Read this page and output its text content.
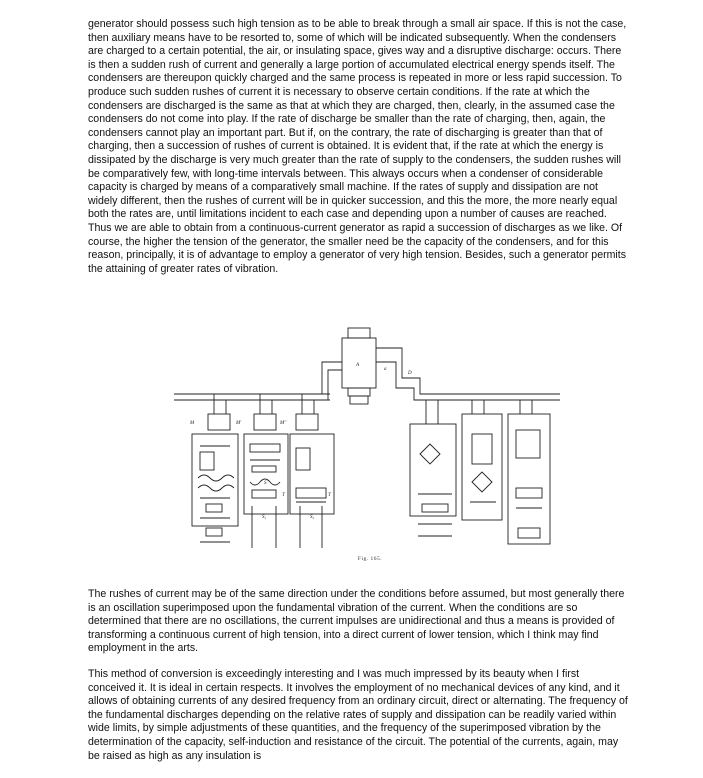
generator should possess such high tension as to be able to break through a small air space. If this is not the case, then auxiliary means have to be resorted to, some of which will be indicated subsequently. When the condensers are charged to a certain potential, the air, or insulating space, gives way and a disruptive discharge: occurs. There is then a sudden rush of current and generally a large portion of accumulated electrical energy spends itself. The condensers are thereupon quickly charged and the same process is repeated in more or less rapid succession. To produce such sudden rushes of current it is necessary to observe certain conditions. If the rate at which the condensers are discharged is the same as that at which they are charged, then, clearly, in the assumed case the condensers do not come into play. If the rate of discharge be smaller than the rate of charging, then, again, the condensers cannot play an important part. But if, on the contrary, the rate of discharging is greater than that of charging, then a succession of rushes of current is obtained. It is evident that, if the rate at which the energy is dissipated by the discharge is very much greater than the rate of supply to the condensers, the sudden rushes will be comparatively few, with long-time intervals between. This always occurs when a condenser of considerable capacity is charged by means of a comparatively small machine. If the rates of supply and dissipation are not widely different, then the rushes of current will be in quicker succession, and this the more, the more nearly equal both the rates are, until limitations incident to each case and depending upon a number of causes are reached. Thus we are able to obtain from a continuous-current generator as rapid a succession of discharges as we like. Of course, the higher the tension of the generator, the smaller need be the capacity of the condensers, and for this reason, principally, it is of advantage to employ a generator of very high tension. Besides, such a generator permits the attaining of greater rates of vibration.

A
a
D
M	M'	M''
T	T
S
S₁	S₂
Fig. 165.

The rushes of current may be of the same direction under the conditions before assumed, but most generally there is an oscillation superimposed upon the fundamental vibration of the current. When the conditions are so determined that there are no oscillations, the current impulses are unidirectional and thus a means is provided of transforming a continuous current of high tension, into a direct current of lower tension, which I think may find employment in the arts.

This method of conversion is exceedingly interesting and I was much impressed by its beauty when I first conceived it. It is ideal in certain respects. It involves the employment of no mechanical devices of any kind, and it allows of obtaining currents of any desired frequency from an ordinary circuit, direct or alternating. The frequency of the fundamental discharges depending on the relative rates of supply and dissipation can be readily varied within wide limits, by simple adjustments of these quantities, and the frequency of the superimposed vibration by the determination of the capacity, self-induction and resistance of the circuit. The potential of the currents, again, may be raised as high as any insulation is
